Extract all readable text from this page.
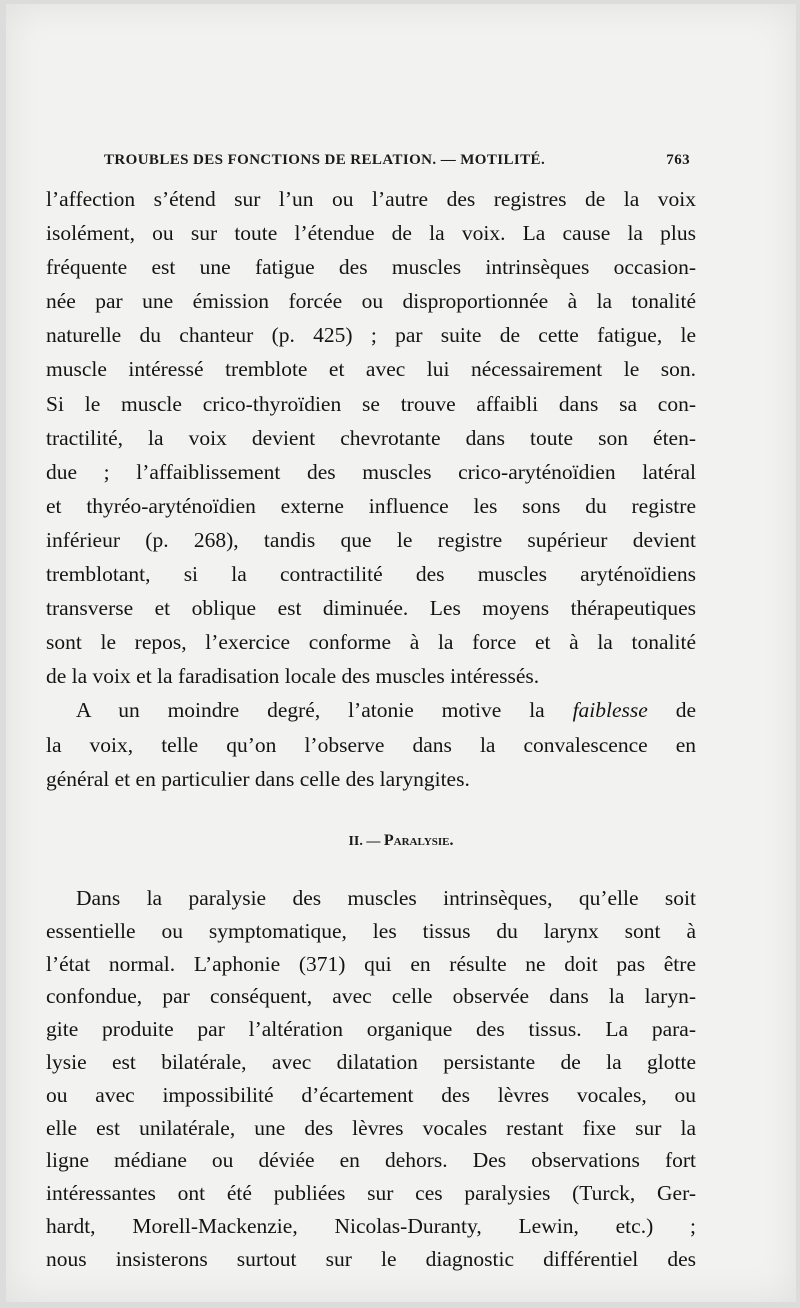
TROUBLES DES FONCTIONS DE RELATION. — MOTILITÉ.	763
l’affection s’étend sur l’un ou l’autre des registres de la voix
isolément, ou sur toute l’étendue de la voix. La cause la plus
fréquente est une fatigue des muscles intrinsèques occasion-
née par une émission forcée ou disproportionnée à la tonalité
naturelle du chanteur (p. 425) ; par suite de cette fatigue, le
muscle intéressé tremblote et avec lui nécessairement le son.
Si le muscle crico-thyroïdien se trouve affaibli dans sa con-
tractilité, la voix devient chevrotante dans toute son éten-
due ; l’affaiblissement des muscles crico-aryténoïdien latéral
et thyréo-aryténoïdien externe influence les sons du registre
inférieur (p. 268), tandis que le registre supérieur devient
tremblotant, si la contractilité des muscles aryténoïdiens
transverse et oblique est diminuée. Les moyens thérapeutiques
sont le repos, l’exercice conforme à la force et à la tonalité
de la voix et la faradisation locale des muscles intéressés.
A un moindre degré, l’atonie motive la faiblesse de
la voix, telle qu’on l’observe dans la convalescence en
général et en particulier dans celle des laryngites.
II. — Paralysie.
Dans la paralysie des muscles intrinsèques, qu’elle soit
essentielle ou symptomatique, les tissus du larynx sont à
l’état normal. L’aphonie (371) qui en résulte ne doit pas être
confondue, par conséquent, avec celle observée dans la laryn-
gite produite par l’altération organique des tissus. La para-
lysie est bilatérale, avec dilatation persistante de la glotte
ou avec impossibilité d’écartement des lèvres vocales, ou
elle est unilatérale, une des lèvres vocales restant fixe sur la
ligne médiane ou déviée en dehors. Des observations fort
intéressantes ont été publiées sur ces paralysies (Turck, Ger-
hardt, Morell-Mackenzie, Nicolas-Duranty, Lewin, etc.) ;
nous insisterons surtout sur le diagnostic différentiel des
